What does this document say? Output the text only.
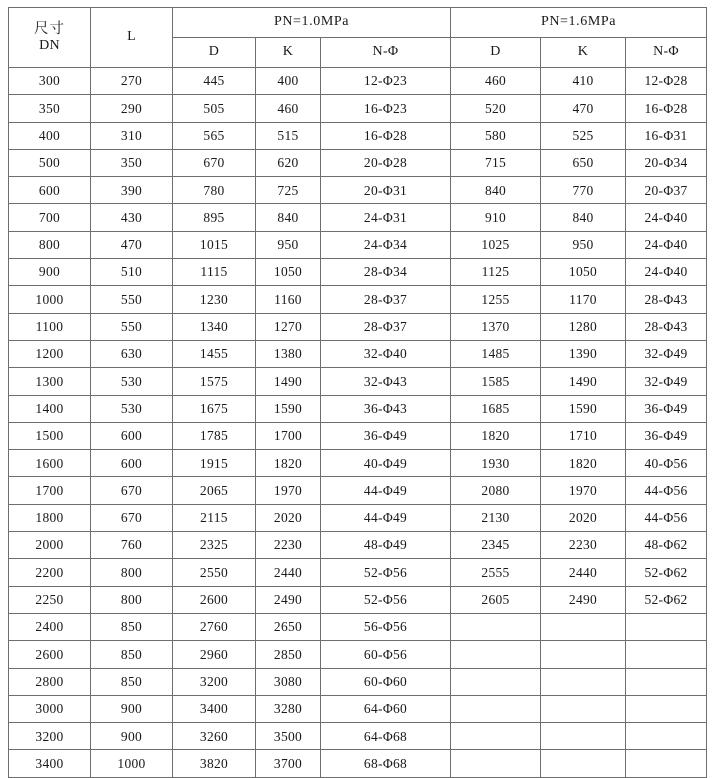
尺寸
DN	L	PN=1.0MPa			PN=1.6MPa		
		D	K	N-Φ	D	K	N-Φ
300	270	445	400	12-Φ23	460	410	12-Φ28
350	290	505	460	16-Φ23	520	470	16-Φ28
400	310	565	515	16-Φ28	580	525	16-Φ31
500	350	670	620	20-Φ28	715	650	20-Φ34
600	390	780	725	20-Φ31	840	770	20-Φ37
700	430	895	840	24-Φ31	910	840	24-Φ40
800	470	1015	950	24-Φ34	1025	950	24-Φ40
900	510	1115	1050	28-Φ34	1125	1050	24-Φ40
1000	550	1230	1160	28-Φ37	1255	1170	28-Φ43
1100	550	1340	1270	28-Φ37	1370	1280	28-Φ43
1200	630	1455	1380	32-Φ40	1485	1390	32-Φ49
1300	530	1575	1490	32-Φ43	1585	1490	32-Φ49
1400	530	1675	1590	36-Φ43	1685	1590	36-Φ49
1500	600	1785	1700	36-Φ49	1820	1710	36-Φ49
1600	600	1915	1820	40-Φ49	1930	1820	40-Φ56
1700	670	2065	1970	44-Φ49	2080	1970	44-Φ56
1800	670	2115	2020	44-Φ49	2130	2020	44-Φ56
2000	760	2325	2230	48-Φ49	2345	2230	48-Φ62
2200	800	2550	2440	52-Φ56	2555	2440	52-Φ62
2250	800	2600	2490	52-Φ56	2605	2490	52-Φ62
2400	850	2760	2650	56-Φ56			
2600	850	2960	2850	60-Φ56			
2800	850	3200	3080	60-Φ60			
3000	900	3400	3280	64-Φ60			
3200	900	3260	3500	64-Φ68			
3400	1000	3820	3700	68-Φ68			
